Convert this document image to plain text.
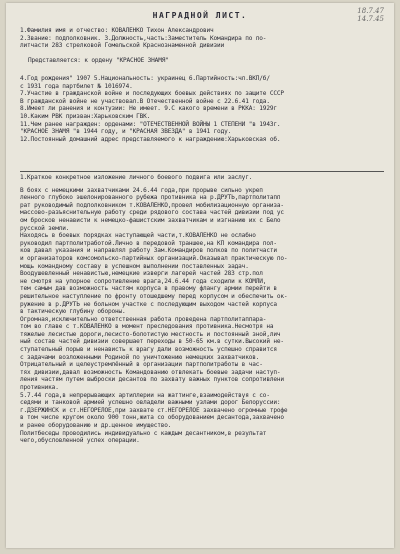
18.7.47
14.7.45
НАГРАДНОЙ ЛИСТ.
1.Фамилия имя и отчество: КОВАЛЕНКО Тихон Александрович
2.Звание: подполковник. 3.Должность,часть:Заместитель Командира по по-
литчасти 283 стрелковой Гомельской Краснознаменной дивизии
Представляется: к ордену "КРАСНОЕ ЗНАМЯ"
4.Год рождения" 1907 5.Национальность: украинец 6.Партийность:чл.ВКП/б/
с 1931 года партбилет № 1016974.
7.Участие в гражданской войне и последующих боевых действиях по защите СССР
В гражданской войне не участвовал.В Отечественной войне с 22.6.41 года.
8.Имеет ли ранения и контузии: Не имеет. 9.С какого времени в РККА: 1929г
10.Каким РВК призван:Харьковским ГВК.
11.Чем ранее награжден: орденами: "ОТЕЧЕСТВЕННОЙ ВОЙНЫ 1 СТЕПЕНИ "в 1943г.
"КРАСНОЕ ЗНАМЯ "в 1944 году, и "КРАСНАЯ ЗВЕЗДА" в 1941 году.
12.Постоянный домашний адрес представляемого к награждению:Харьковская об.
1.Краткое конкретное изложение личного боевого подвига или заслуг.
В боях с немецкими захватчиками 24.6.44 года,при прорыве сильно укреп
ленного глубоко эшелонированного рубежа противника на р.ДРУТЬ,партполитапп
рат руководимый подполковником т.КОВАЛЕНКО,провел мобилизационную организа-
массово-разъяснительную работу среди рядового состава частей дивизии под ус
ом бросков ненависти к немецко-фашистским захватчикам и изгнанию их с Бело
русской земли.
Находясь в боевых порядках наступающей части,т.КОВАЛЕНКО не ослабно
руководил партполитработой.Лично в передовой траншее,на КП командира пол-
ков давал указания и направлял работу Зам.Командиров полков по политчасти
и организаторов комсомольско-партийных организаций.Оказывал практическую по-
мощь командному составу в успешном выполнении поставленных задач.
Воодушевленный ненавистью,немецкие изверги лагерей частей 283 стр.пол
не смотря на упорное сопротивление врага,24.6.44 года сходили к КОМЛИ,
тем самым дав возможность частям корпуса в правому флангу армии перейти в
решительное наступление по фронту отошедшему перед корпусом и обеспечить ок-
ружение в р.ДРУТЬ не больном участке с последующим выходом частей корпуса
в тактическую глубину обороны.
Огромная,исключительно ответственная работа проведена партполитаппара-
том во главе с т.КОВАЛЕНКО в момент преследования противника.Несмотря на
тяжелые лесистые дороги,лесисто-болотистую местность и постоянный зной,лич
ный состав частей дивизии совершает переходы в 50-65 км.в сутки.Высокий не-
ступательный порыв и ненависть к врагу дали возможность успешно справится
с задачами возложенными Родиной по уничтожению немецких захватчиков.
Отрицательный и целеустремлённый в организации партполитработы в час-
тях дивизии,давал возможность Командованию отвлекать боевые задачи наступ-
ления частям путем выброски десантов по захвату важных пунктов сопротивлени
противника.
5.7.44 года,в непрерывающих артиллерии на жаттинге,взаимодействуя с со-
седями и танковой армией успешно овладели важными узлами дорог Белоруссии:
г.ДЗЕРЖИНСК и ст.НЕГОРЕЛОЕ,при захвате ст.НЕГОРЕЛОЕ захвачено огромные трофе
в том числе кругом около 900 тонн,жита со оборудованием десантода,захвачено
и ранее оборудованию и др.ценное имущество.
Политбеседы проводились индивидуально с каждым десантником,в результат
чего,обусловленной успех операции.
